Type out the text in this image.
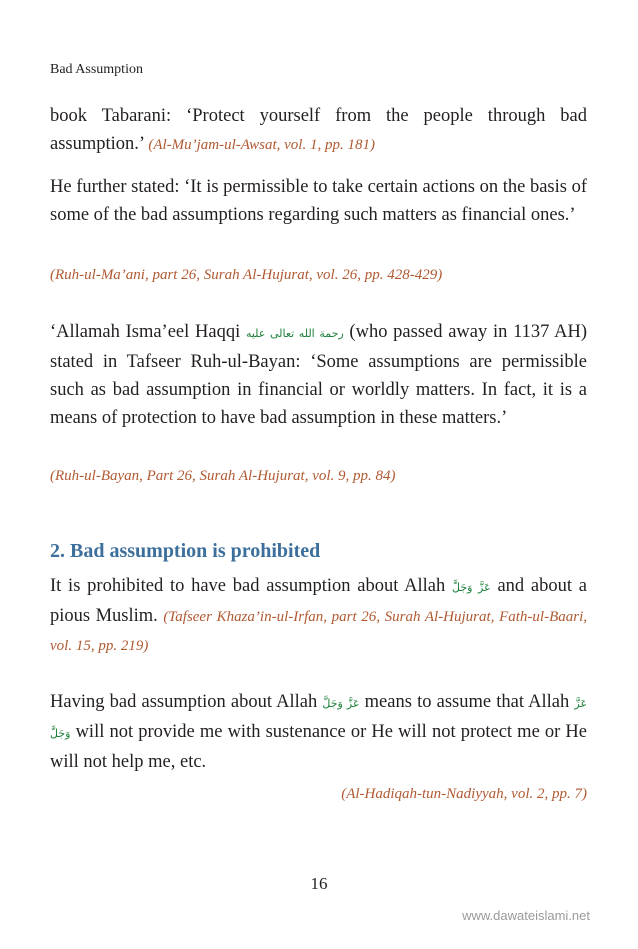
Bad Assumption
book Tabarani: ‘Protect yourself from the people through bad assumption.’ (Al-Mu’jam-ul-Awsat, vol. 1, pp. 181)
He further stated: ‘It is permissible to take certain actions on the basis of some of the bad assumptions regarding such matters as financial ones.’
(Ruh-ul-Ma’ani, part 26, Surah Al-Hujurat, vol. 26, pp. 428-429)
‘Allamah Isma’eel Haqqi رحمة الله تعالى عليه (who passed away in 1137 AH) stated in Tafseer Ruh-ul-Bayan: ‘Some assumptions are permissible such as bad assumption in financial or worldly matters. In fact, it is a means of protection to have bad assumption in these matters.’
(Ruh-ul-Bayan, Part 26, Surah Al-Hujurat, vol. 9, pp. 84)
2. Bad assumption is prohibited
It is prohibited to have bad assumption about Allah عَزَّ وَجَلَّ and about a pious Muslim. (Tafseer Khaza’in-ul-Irfan, part 26, Surah Al-Hujurat, Fath-ul-Baari, vol. 15, pp. 219)
Having bad assumption about Allah عَزَّ وَجَلَّ means to assume that Allah عَزَّ وَجَلَّ will not provide me with sustenance or He will not protect me or He will not help me, etc.
(Al-Hadiqah-tun-Nadiyyah, vol. 2, pp. 7)
16
www.dawateislami.net
